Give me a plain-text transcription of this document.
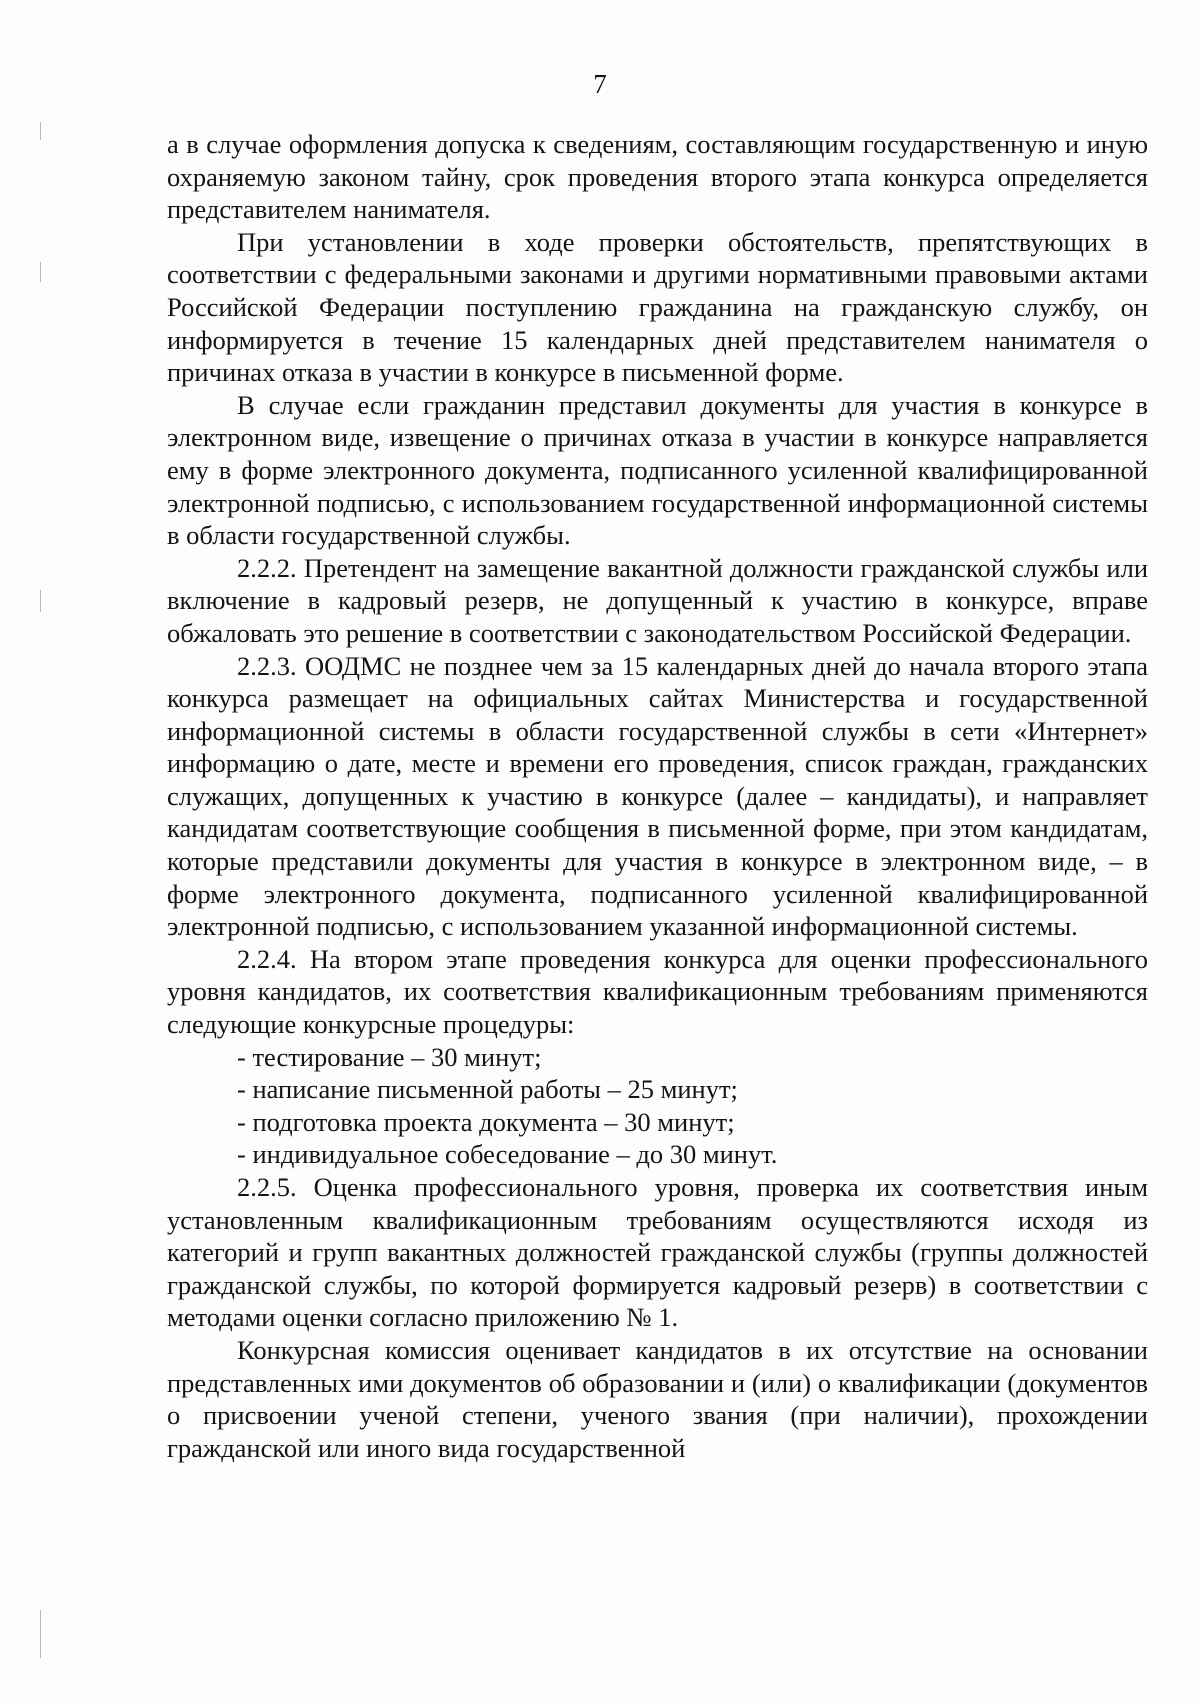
7

а в случае оформления допуска к сведениям, составляющим государственную и иную охраняемую законом тайну, срок проведения второго этапа конкурса определяется представителем нанимателя.

При установлении в ходе проверки обстоятельств, препятствующих в соответствии с федеральными законами и другими нормативными правовыми актами Российской Федерации поступлению гражданина на гражданскую службу, он информируется в течение 15 календарных дней представителем нанимателя о причинах отказа в участии в конкурсе в письменной форме.

В случае если гражданин представил документы для участия в конкурсе в электронном виде, извещение о причинах отказа в участии в конкурсе направляется ему в форме электронного документа, подписанного усиленной квалифицированной электронной подписью, с использованием государственной информационной системы в области государственной службы.

2.2.2. Претендент на замещение вакантной должности гражданской службы или включение в кадровый резерв, не допущенный к участию в конкурсе, вправе обжаловать это решение в соответствии с законодательством Российской Федерации.

2.2.3. ООДМС не позднее чем за 15 календарных дней до начала второго этапа конкурса размещает на официальных сайтах Министерства и государственной информационной системы в области государственной службы в сети «Интернет» информацию о дате, месте и времени его проведения, список граждан, гражданских служащих, допущенных к участию в конкурсе (далее – кандидаты), и направляет кандидатам соответствующие сообщения в письменной форме, при этом кандидатам, которые представили документы для участия в конкурсе в электронном виде, – в форме электронного документа, подписанного усиленной квалифицированной электронной подписью, с использованием указанной информационной системы.

2.2.4. На втором этапе проведения конкурса для оценки профессионального уровня кандидатов, их соответствия квалификационным требованиям применяются следующие конкурсные процедуры:

- тестирование – 30 минут;

- написание письменной работы – 25 минут;

- подготовка проекта документа – 30 минут;

- индивидуальное собеседование – до 30 минут.

2.2.5. Оценка профессионального уровня, проверка их соответствия иным установленным квалификационным требованиям осуществляются исходя из категорий и групп вакантных должностей гражданской службы (группы должностей гражданской службы, по которой формируется кадровый резерв) в соответствии с методами оценки согласно приложению № 1.

Конкурсная комиссия оценивает кандидатов в их отсутствие на основании представленных ими документов об образовании и (или) о квалификации (документов о присвоении ученой степени, ученого звания (при наличии), прохождении гражданской или иного вида государственной
